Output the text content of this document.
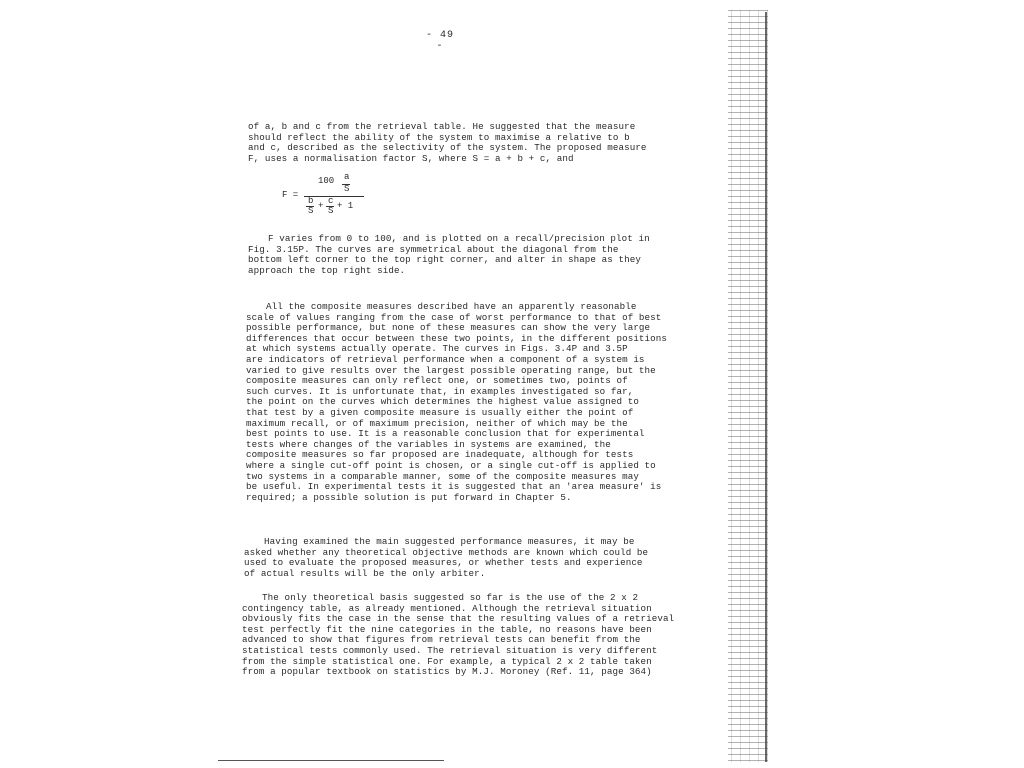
- 49 -
of a, b and c from the retrieval table. He suggested that the measure
should reflect the ability of the system to maximise a relative to b
and c, described as the selectivity of the system. The proposed measure
F, uses a normalisation factor S, where S = a + b + c, and
F =
100 a
S
b
S + c
S + 1
F varies from 0 to 100, and is plotted on a recall/precision plot in
Fig. 3.15P. The curves are symmetrical about the diagonal from the
bottom left corner to the top right corner, and alter in shape as they
approach the top right side.
All the composite measures described have an apparently reasonable
scale of values ranging from the case of worst performance to that of best
possible performance, but none of these measures can show the very large
differences that occur between these two points, in the different positions
at which systems actually operate. The curves in Figs. 3.4P and 3.5P
are indicators of retrieval performance when a component of a system is
varied to give results over the largest possible operating range, but the
composite measures can only reflect one, or sometimes two, points of
such curves. It is unfortunate that, in examples investigated so far,
the point on the curves which determines the highest value assigned to
that test by a given composite measure is usually either the point of
maximum recall, or of maximum precision, neither of which may be the
best points to use. It is a reasonable conclusion that for experimental
tests where changes of the variables in systems are examined, the
composite measures so far proposed are inadequate, although for tests
where a single cut-off point is chosen, or a single cut-off is applied to
two systems in a comparable manner, some of the composite measures may
be useful. In experimental tests it is suggested that an 'area measure' is
required; a possible solution is put forward in Chapter 5.
Having examined the main suggested performance measures, it may be
asked whether any theoretical objective methods are known which could be
used to evaluate the proposed measures, or whether tests and experience
of actual results will be the only arbiter.
The only theoretical basis suggested so far is the use of the 2 x 2
contingency table, as already mentioned. Although the retrieval situation
obviously fits the case in the sense that the resulting values of a retrieval
test perfectly fit the nine categories in the table, no reasons have been
advanced to show that figures from retrieval tests can benefit from the
statistical tests commonly used. The retrieval situation is very different
from the simple statistical one. For example, a typical 2 x 2 table taken
from a popular textbook on statistics by M.J. Moroney (Ref. 11, page 364)
